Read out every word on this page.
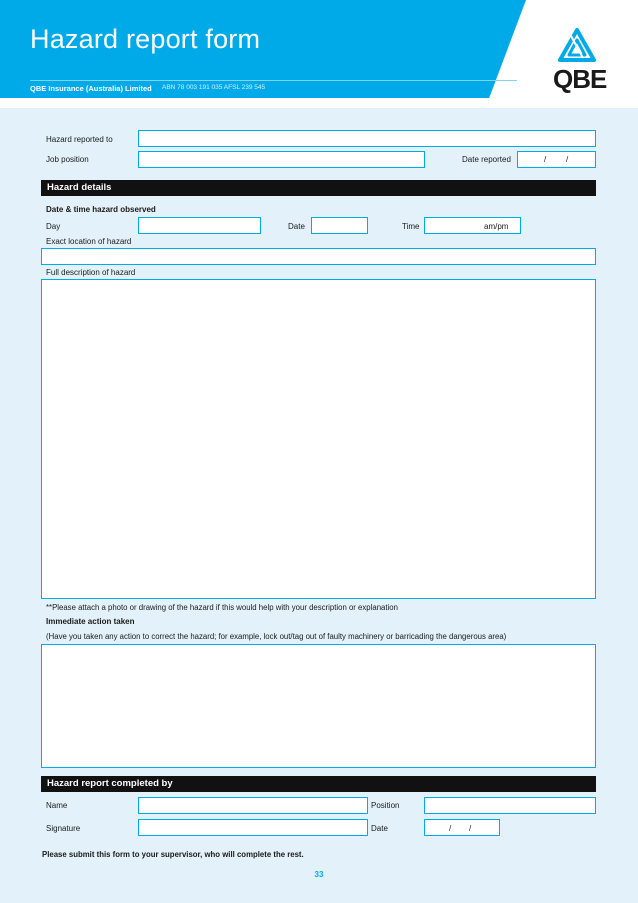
Hazard report form
QBE Insurance (Australia) Limited ABN 78 003 191 035 AFSL 239 545	QBE
Hazard reported to
Job position	Date reported	/ /
Hazard details
Date & time hazard observed
Day	Date	Time	am/pm
Exact location of hazard
Full description of hazard
**Please attach a photo or drawing of the hazard if this would help with your description or explanation
Immediate action taken
(Have you taken any action to correct the hazard; for example, lock out/tag out of faulty machinery or barricading the dangerous area)
Hazard report completed by
Name	Position
Signature	Date	/ /
Please submit this form to your supervisor, who will complete the rest.
33
